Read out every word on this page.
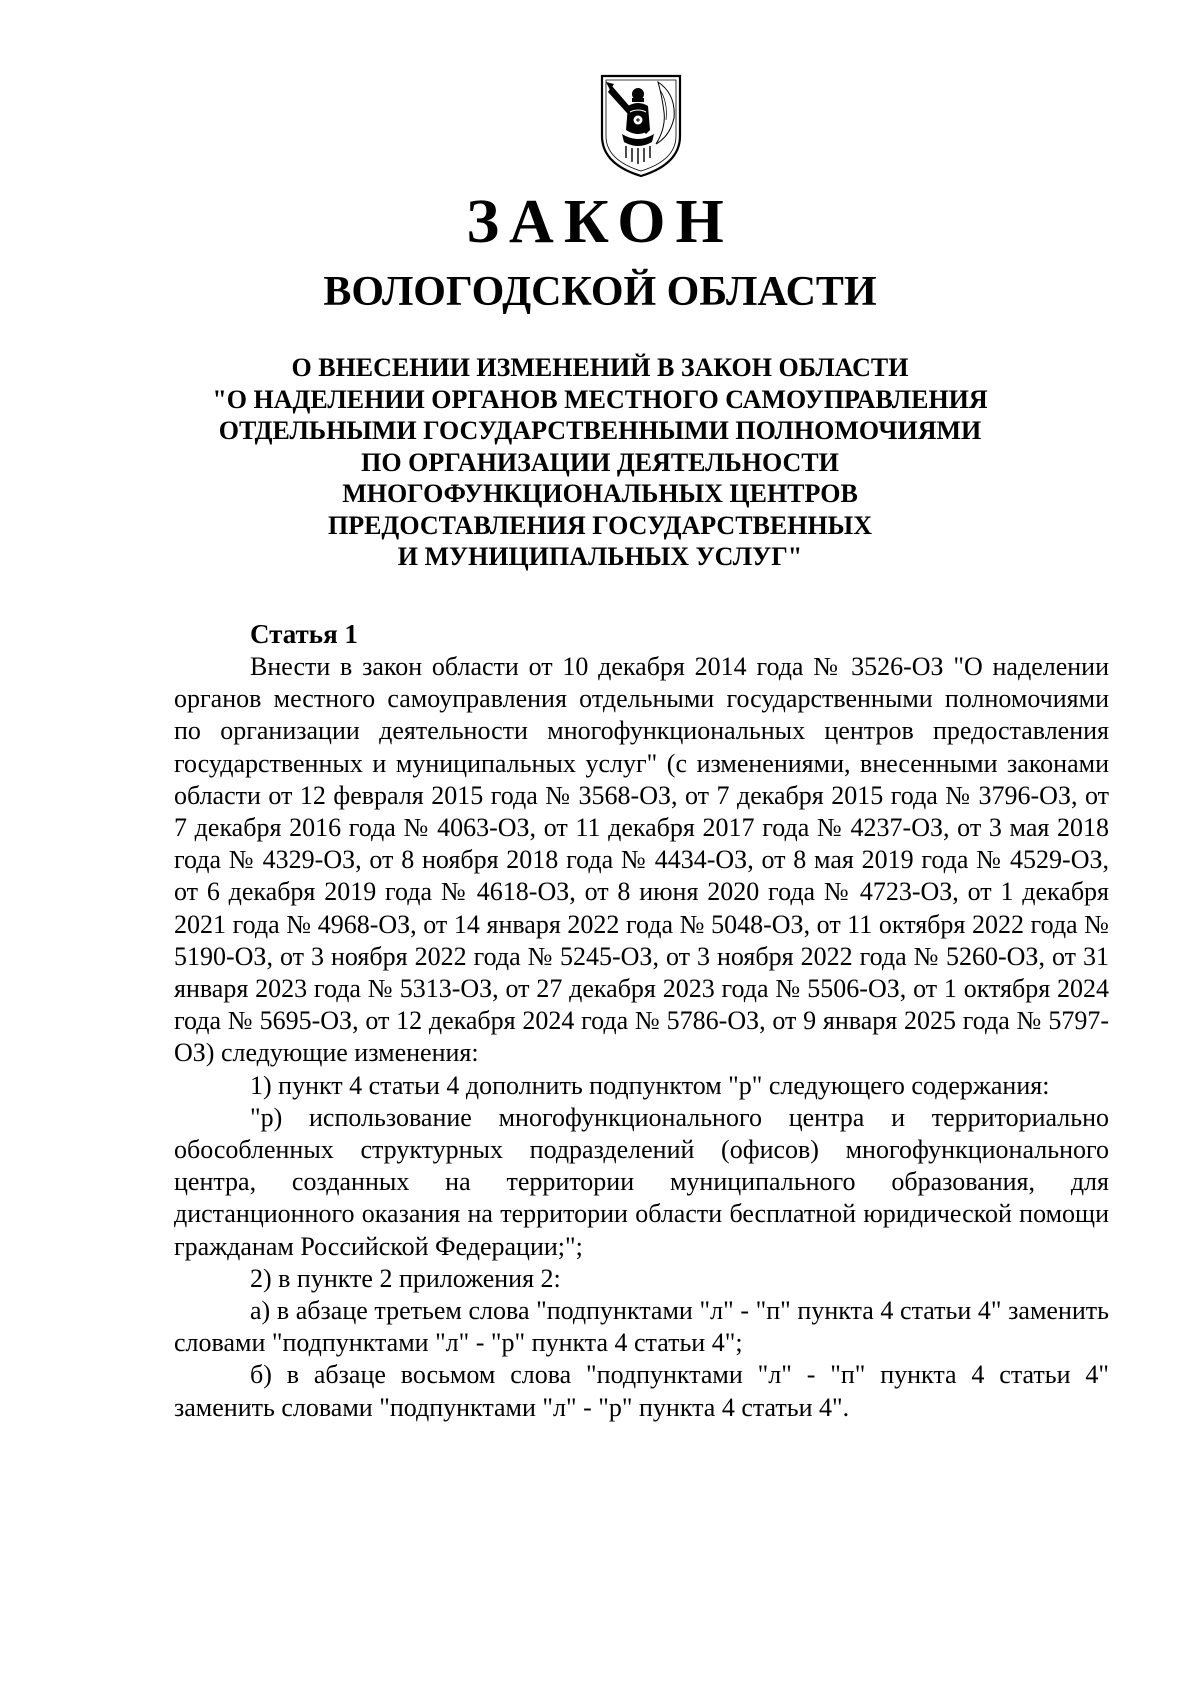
ЗАКОН
ВОЛОГОДСКОЙ ОБЛАСТИ
О ВНЕСЕНИИ ИЗМЕНЕНИЙ В ЗАКОН ОБЛАСТИ
"О НАДЕЛЕНИИ ОРГАНОВ МЕСТНОГО САМОУПРАВЛЕНИЯ
ОТДЕЛЬНЫМИ ГОСУДАРСТВЕННЫМИ ПОЛНОМОЧИЯМИ
ПО ОРГАНИЗАЦИИ ДЕЯТЕЛЬНОСТИ
МНОГОФУНКЦИОНАЛЬНЫХ ЦЕНТРОВ
ПРЕДОСТАВЛЕНИЯ ГОСУДАРСТВЕННЫХ
И МУНИЦИПАЛЬНЫХ УСЛУГ"
Статья 1

Внести в закон области от 10 декабря 2014 года № 3526-ОЗ "О наделении органов местного самоуправления отдельными государственными полномочиями по организации деятельности многофункциональных центров предоставления государственных и муниципальных услуг" (с изменениями, внесенными законами области от 12 февраля 2015 года № 3568-ОЗ, от 7 декабря 2015 года № 3796-ОЗ, от 7 декабря 2016 года № 4063-ОЗ, от 11 декабря 2017 года № 4237-ОЗ, от 3 мая 2018 года № 4329-ОЗ, от 8 ноября 2018 года № 4434-ОЗ, от 8 мая 2019 года № 4529-ОЗ, от 6 декабря 2019 года № 4618-ОЗ, от 8 июня 2020 года № 4723-ОЗ, от 1 декабря 2021 года № 4968-ОЗ, от 14 января 2022 года № 5048-ОЗ, от 11 октября 2022 года № 5190-ОЗ, от 3 ноября 2022 года № 5245-ОЗ, от 3 ноября 2022 года № 5260-ОЗ, от 31 января 2023 года № 5313-ОЗ, от 27 декабря 2023 года № 5506-ОЗ, от 1 октября 2024 года № 5695-ОЗ, от 12 декабря 2024 года № 5786-ОЗ, от 9 января 2025 года № 5797-ОЗ) следующие изменения:

1) пункт 4 статьи 4 дополнить подпунктом "р" следующего содержания:

"р) использование многофункционального центра и территориально обособленных структурных подразделений (офисов) многофункционального центра, созданных на территории муниципального образования, для дистанционного оказания на территории области бесплатной юридической помощи гражданам Российской Федерации;";

2) в пункте 2 приложения 2:

а) в абзаце третьем слова "подпунктами "л" - "п" пункта 4 статьи 4" заменить словами "подпунктами "л" - "р" пункта 4 статьи 4";

б) в абзаце восьмом слова "подпунктами "л" - "п" пункта 4 статьи 4" заменить словами "подпунктами "л" - "р" пункта 4 статьи 4".
